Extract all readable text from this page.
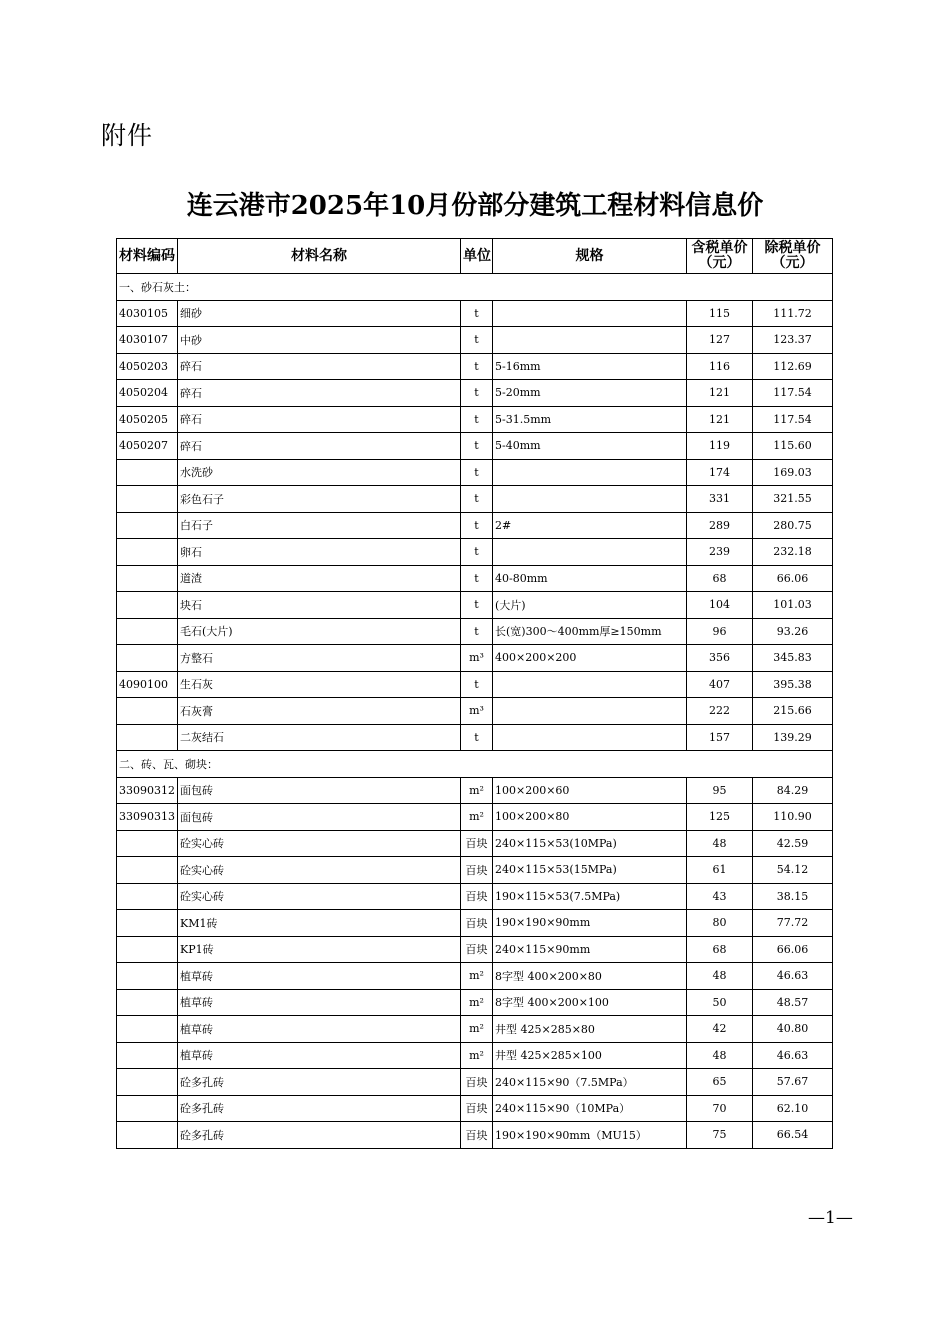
附件
连云港市2025年10月份部分建筑工程材料信息价
材料编码	材料名称	单位	规格	含税单价（元）	除税单价（元）
一、砂石灰土：					
4030105	细砂	t		115	111.72
4030107	中砂	t		127	123.37
4050203	碎石	t	5-16mm	116	112.69
4050204	碎石	t	5-20mm	121	117.54
4050205	碎石	t	5-31.5mm	121	117.54
4050207	碎石	t	5-40mm	119	115.60
	水洗砂	t		174	169.03
	彩色石子	t		331	321.55
	白石子	t	2#	289	280.75
	卵石	t		239	232.18
	道渣	t	40-80mm	68	66.06
	块石	t	(大片)	104	101.03
	毛石(大片)	t	长(宽)300～400mm厚≥150mm	96	93.26
	方整石	m³	400×200×200	356	345.83
4090100	生石灰	t		407	395.38
	石灰膏	m³		222	215.66
	二灰结石	t		157	139.29
二、砖、瓦、砌块：					
33090312	面包砖	m²	100×200×60	95	84.29
33090313	面包砖	m²	100×200×80	125	110.90
	砼实心砖	百块	240×115×53(10MPa)	48	42.59
	砼实心砖	百块	240×115×53(15MPa)	61	54.12
	砼实心砖	百块	190×115×53(7.5MPa)	43	38.15
	KM1砖	百块	190×190×90mm	80	77.72
	KP1砖	百块	240×115×90mm	68	66.06
	植草砖	m²	8字型 400×200×80	48	46.63
	植草砖	m²	8字型 400×200×100	50	48.57
	植草砖	m²	井型 425×285×80	42	40.80
	植草砖	m²	井型 425×285×100	48	46.63
	砼多孔砖	百块	240×115×90（7.5MPa）	65	57.67
	砼多孔砖	百块	240×115×90（10MPa）	70	62.10
	砼多孔砖	百块	190×190×90mm（MU15）	75	66.54
—1—
